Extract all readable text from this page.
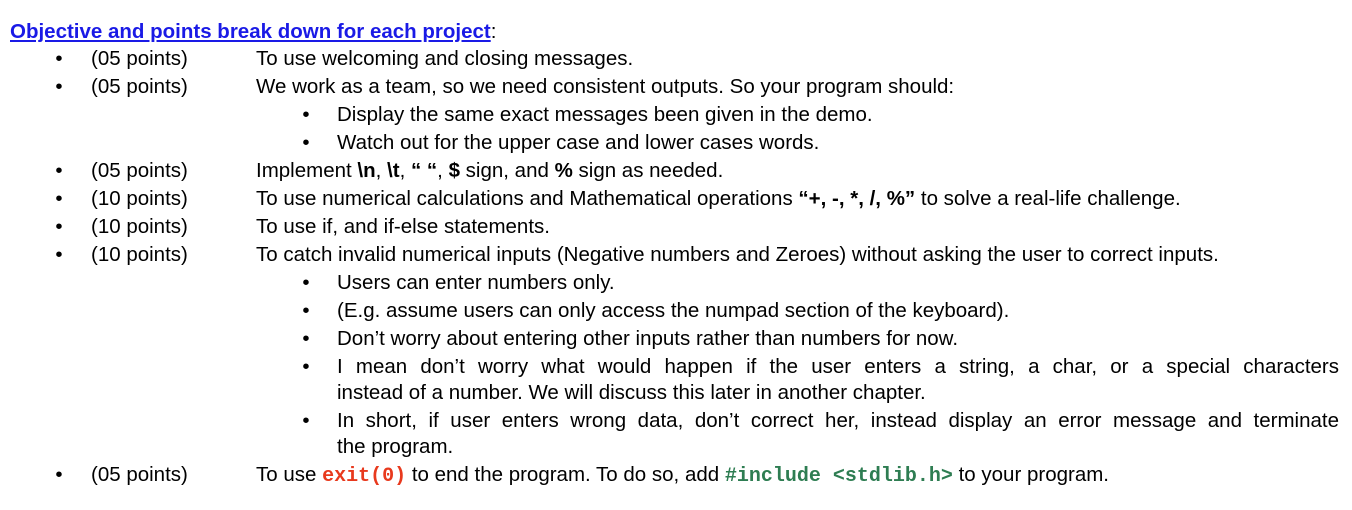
Objective and points break down for each project:
• (05 points)	To use welcoming and closing messages.
• (05 points)	We work as a team, so we need consistent outputs. So your program should:
• Display the same exact messages been given in the demo.
• Watch out for the upper case and lower cases words.
• (05 points)	Implement \n, \t, “ “, $ sign, and % sign as needed.
• (10 points)	To use numerical calculations and Mathematical operations “+, -, *, /, %” to solve a real-life challenge.
• (10 points)	To use if, and if-else statements.
• (10 points)	To catch invalid numerical inputs (Negative numbers and Zeroes) without asking the user to correct inputs.
• Users can enter numbers only.
• (E.g. assume users can only access the numpad section of the keyboard).
• Don’t worry about entering other inputs rather than numbers for now.
• I mean don’t worry what would happen if the user enters a string, a char, or a special characters
instead of a number. We will discuss this later in another chapter.
• In short, if user enters wrong data, don’t correct her, instead display an error message and terminate
the program.
• (05 points)	To use exit(0) to end the program. To do so, add #include <stdlib.h> to your program.
